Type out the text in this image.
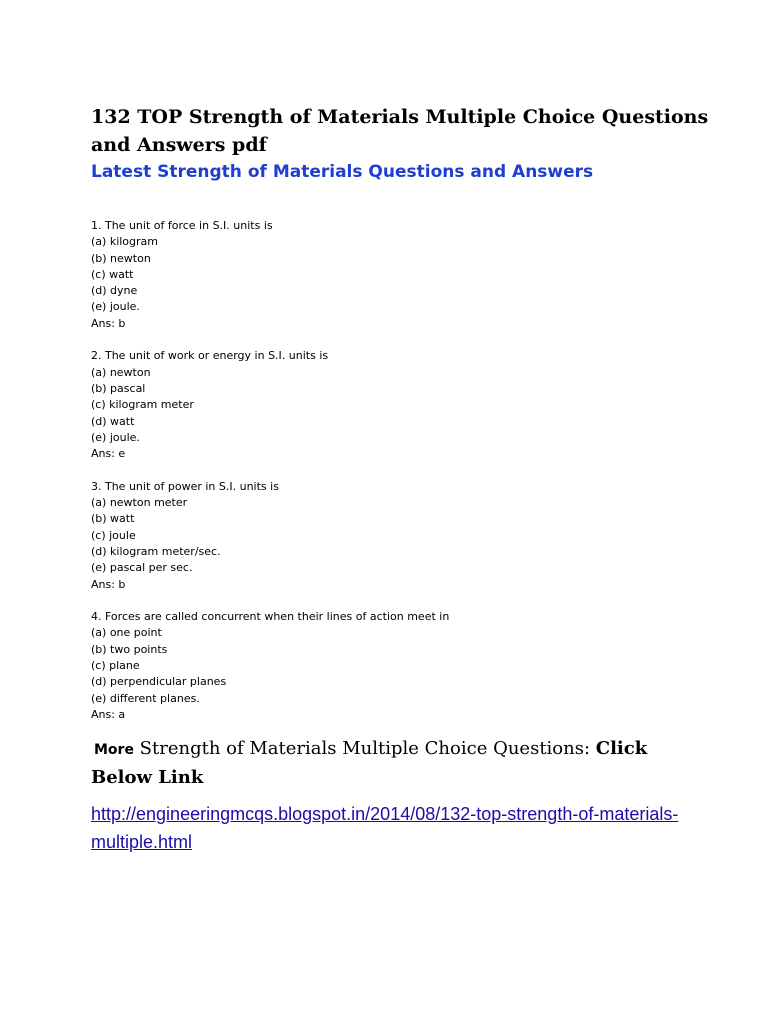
132 TOP Strength of Materials Multiple Choice Questions and Answers pdf
Latest Strength of Materials Questions and Answers
1. The unit of force in S.I. units is
(a) kilogram
(b) newton
(c) watt
(d) dyne
(e) joule.
Ans: b
2. The unit of work or energy in S.I. units is
(a) newton
(b) pascal
(c) kilogram meter
(d) watt
(e) joule.
Ans: e
3. The unit of power in S.I. units is
(a) newton meter
(b) watt
(c) joule
(d) kilogram meter/sec.
(e) pascal per sec.
Ans: b
4. Forces are called concurrent when their lines of action meet in
(a) one point
(b) two points
(c) plane
(d) perpendicular planes
(e) different planes.
Ans: a
More Strength of Materials Multiple Choice Questions: Click Below Link
http://engineeringmcqs.blogspot.in/2014/08/132-top-strength-of-materials-multiple.html
